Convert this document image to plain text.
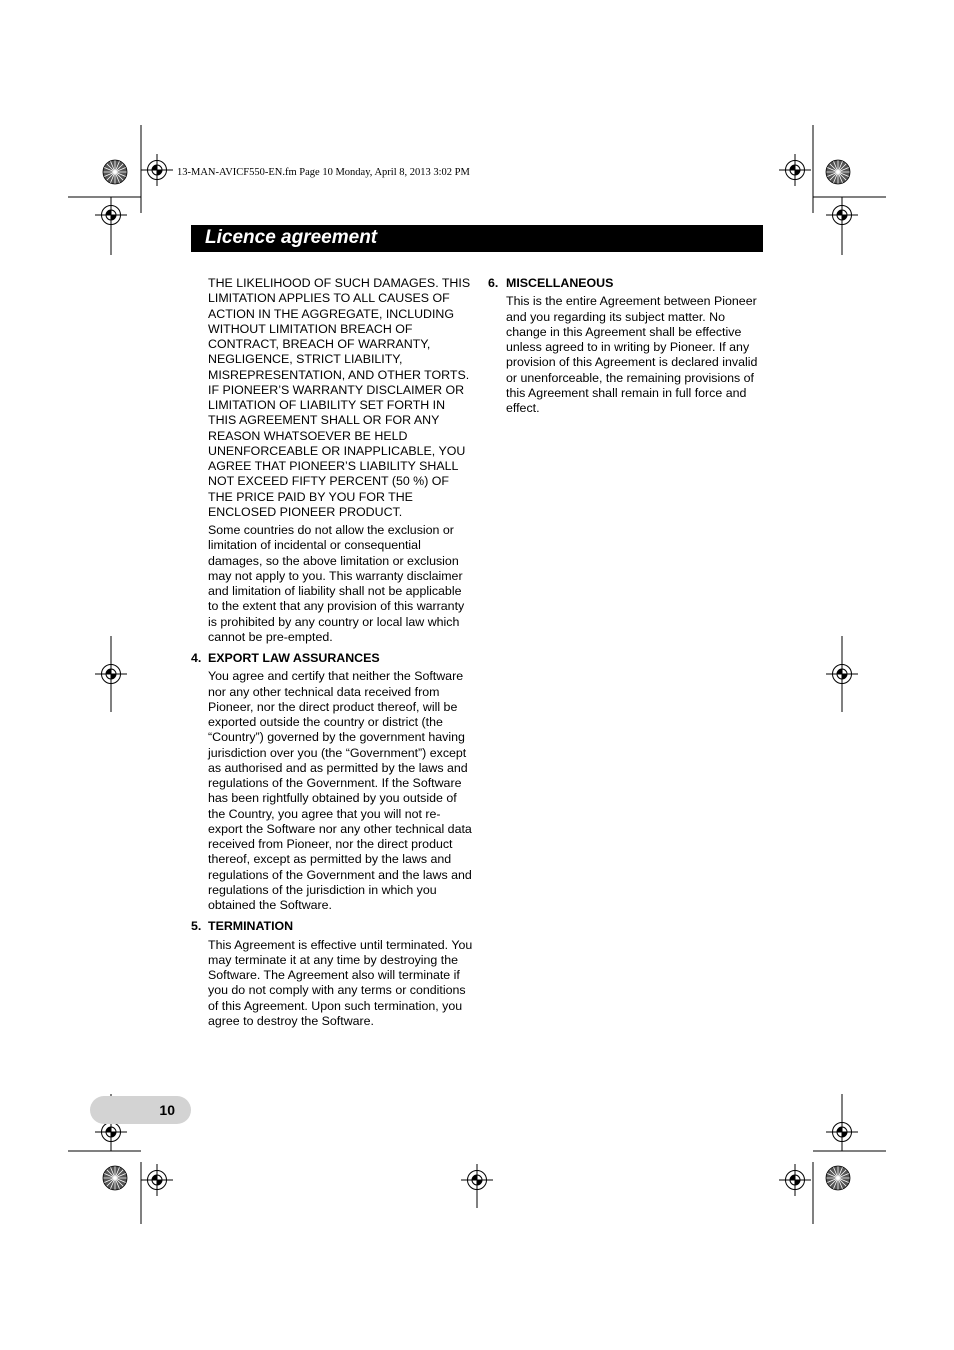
13-MAN-AVICF550-EN.fm Page 10 Monday, April 8, 2013 3:02 PM
Licence agreement

THE LIKELIHOOD OF SUCH DAMAGES. THIS LIMITATION APPLIES TO ALL CAUSES OF ACTION IN THE AGGREGATE, INCLUDING WITHOUT LIMITATION BREACH OF CONTRACT, BREACH OF WARRANTY, NEGLIGENCE, STRICT LIABILITY, MISREPRESENTATION, AND OTHER TORTS. IF PIONEER’S WARRANTY DISCLAIMER OR LIMITATION OF LIABILITY SET FORTH IN THIS AGREEMENT SHALL OR FOR ANY REASON WHATSOEVER BE HELD UNENFORCEABLE OR INAPPLICABLE, YOU AGREE THAT PIONEER’S LIABILITY SHALL NOT EXCEED FIFTY PERCENT (50 %) OF THE PRICE PAID BY YOU FOR THE ENCLOSED PIONEER PRODUCT.

Some countries do not allow the exclusion or limitation of incidental or consequential damages, so the above limitation or exclusion may not apply to you. This warranty disclaimer and limitation of liability shall not be applicable to the extent that any provision of this warranty is prohibited by any country or local law which cannot be pre-empted.

4. EXPORT LAW ASSURANCES

You agree and certify that neither the Software nor any other technical data received from Pioneer, nor the direct product thereof, will be exported outside the country or district (the “Country”) governed by the government having jurisdiction over you (the “Government”) except as authorised and as permitted by the laws and regulations of the Government. If the Software has been rightfully obtained by you outside of the Country, you agree that you will not re-export the Software nor any other technical data received from Pioneer, nor the direct product thereof, except as permitted by the laws and regulations of the Government and the laws and regulations of the jurisdiction in which you obtained the Software.

5. TERMINATION

This Agreement is effective until terminated. You may terminate it at any time by destroying the Software. The Agreement also will terminate if you do not comply with any terms or conditions of this Agreement. Upon such termination, you agree to destroy the Software.

6. MISCELLANEOUS

This is the entire Agreement between Pioneer and you regarding its subject matter. No change in this Agreement shall be effective unless agreed to in writing by Pioneer. If any provision of this Agreement is declared invalid or unenforceable, the remaining provisions of this Agreement shall remain in full force and effect.

10
